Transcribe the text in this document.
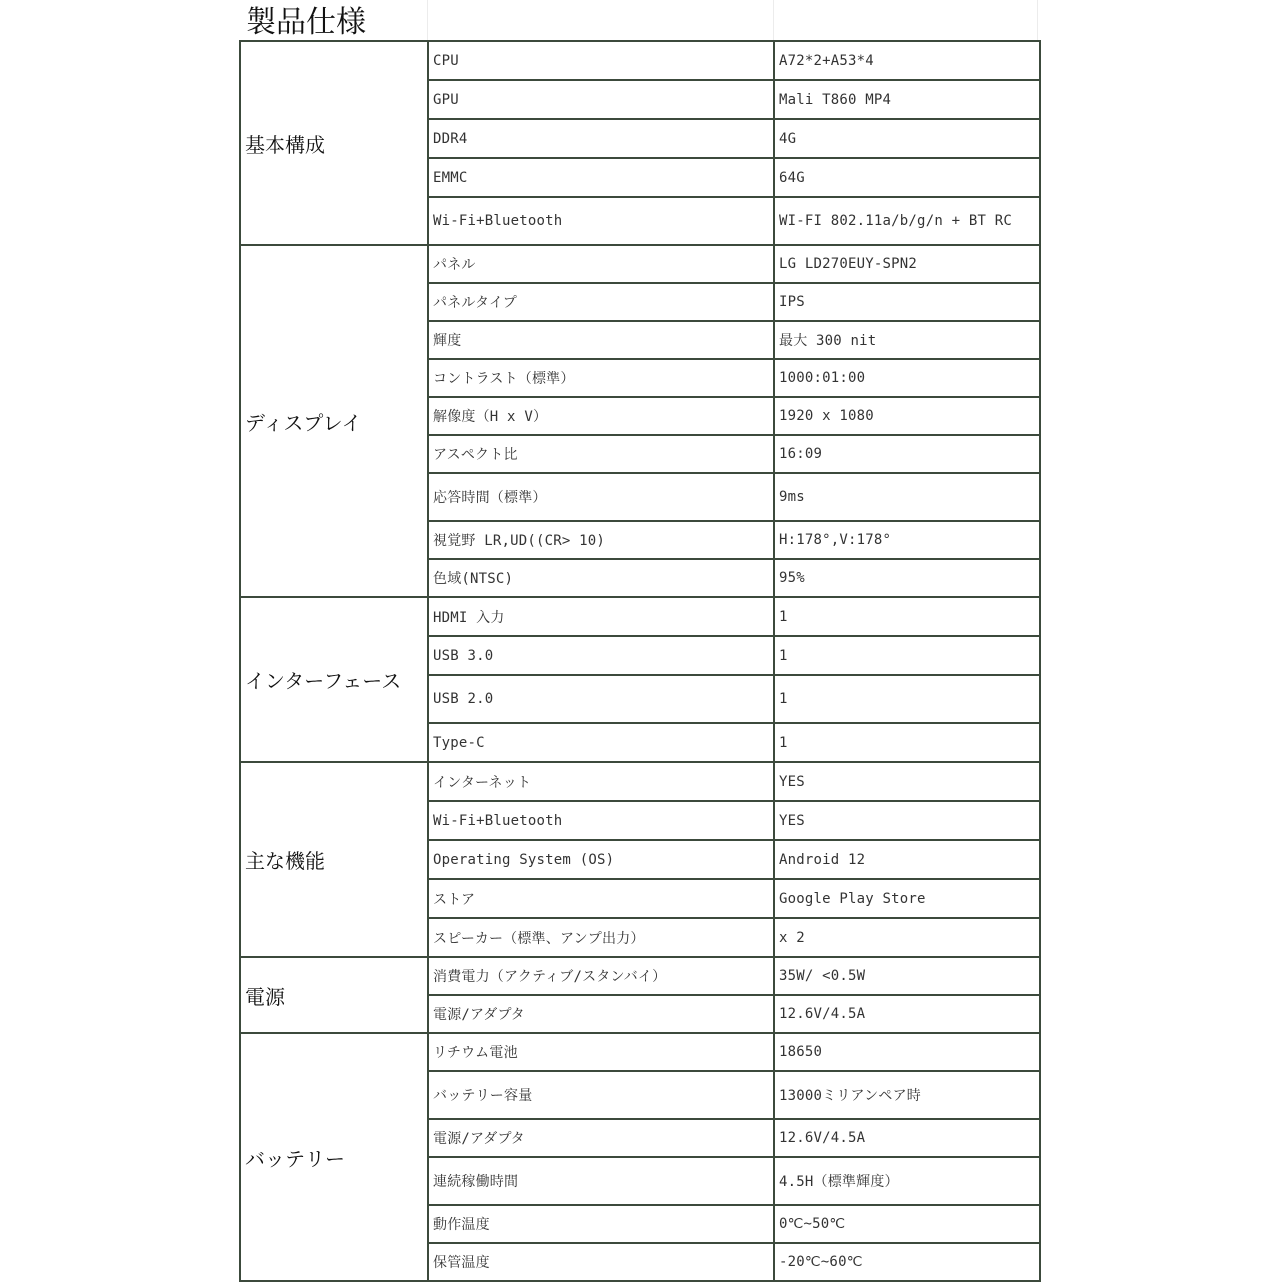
製品仕様
基本構成	CPU	A72*2+A53*4
	GPU	Mali T860 MP4
	DDR4	4G
	EMMC	64G
	Wi-Fi+Bluetooth	WI-FI 802.11a/b/g/n + BT RC
ディスプレイ	パネル	LG LD270EUY-SPN2
	パネルタイプ	IPS
	輝度	最大 300 nit
	コントラスト（標準）	1000:01:00
	解像度（H x V）	1920 x 1080
	アスペクト比	16:09
	応答時間（標準）	9ms
	視覚野 LR,UD((CR> 10)	H:178°,V:178°
	色域(NTSC)	95%
インターフェース	HDMI 入力	1
	USB 3.0	1
	USB 2.0	1
	Type-C	1
主な機能	インターネット	YES
	Wi-Fi+Bluetooth	YES
	Operating System (OS)	Android 12
	ストア	Google Play Store
	スピーカー（標準、アンプ出力）	x 2
電源	消費電力（アクティブ/スタンバイ）	35W/ <0.5W
	電源/アダプタ	12.6V/4.5A
バッテリー	リチウム電池	18650
	バッテリー容量	13000ミリアンペア時
	電源/アダプタ	12.6V/4.5A
	連続稼働時間	4.5H（標準輝度）
	動作温度	0℃~50℃
	保管温度	-20℃~60℃
